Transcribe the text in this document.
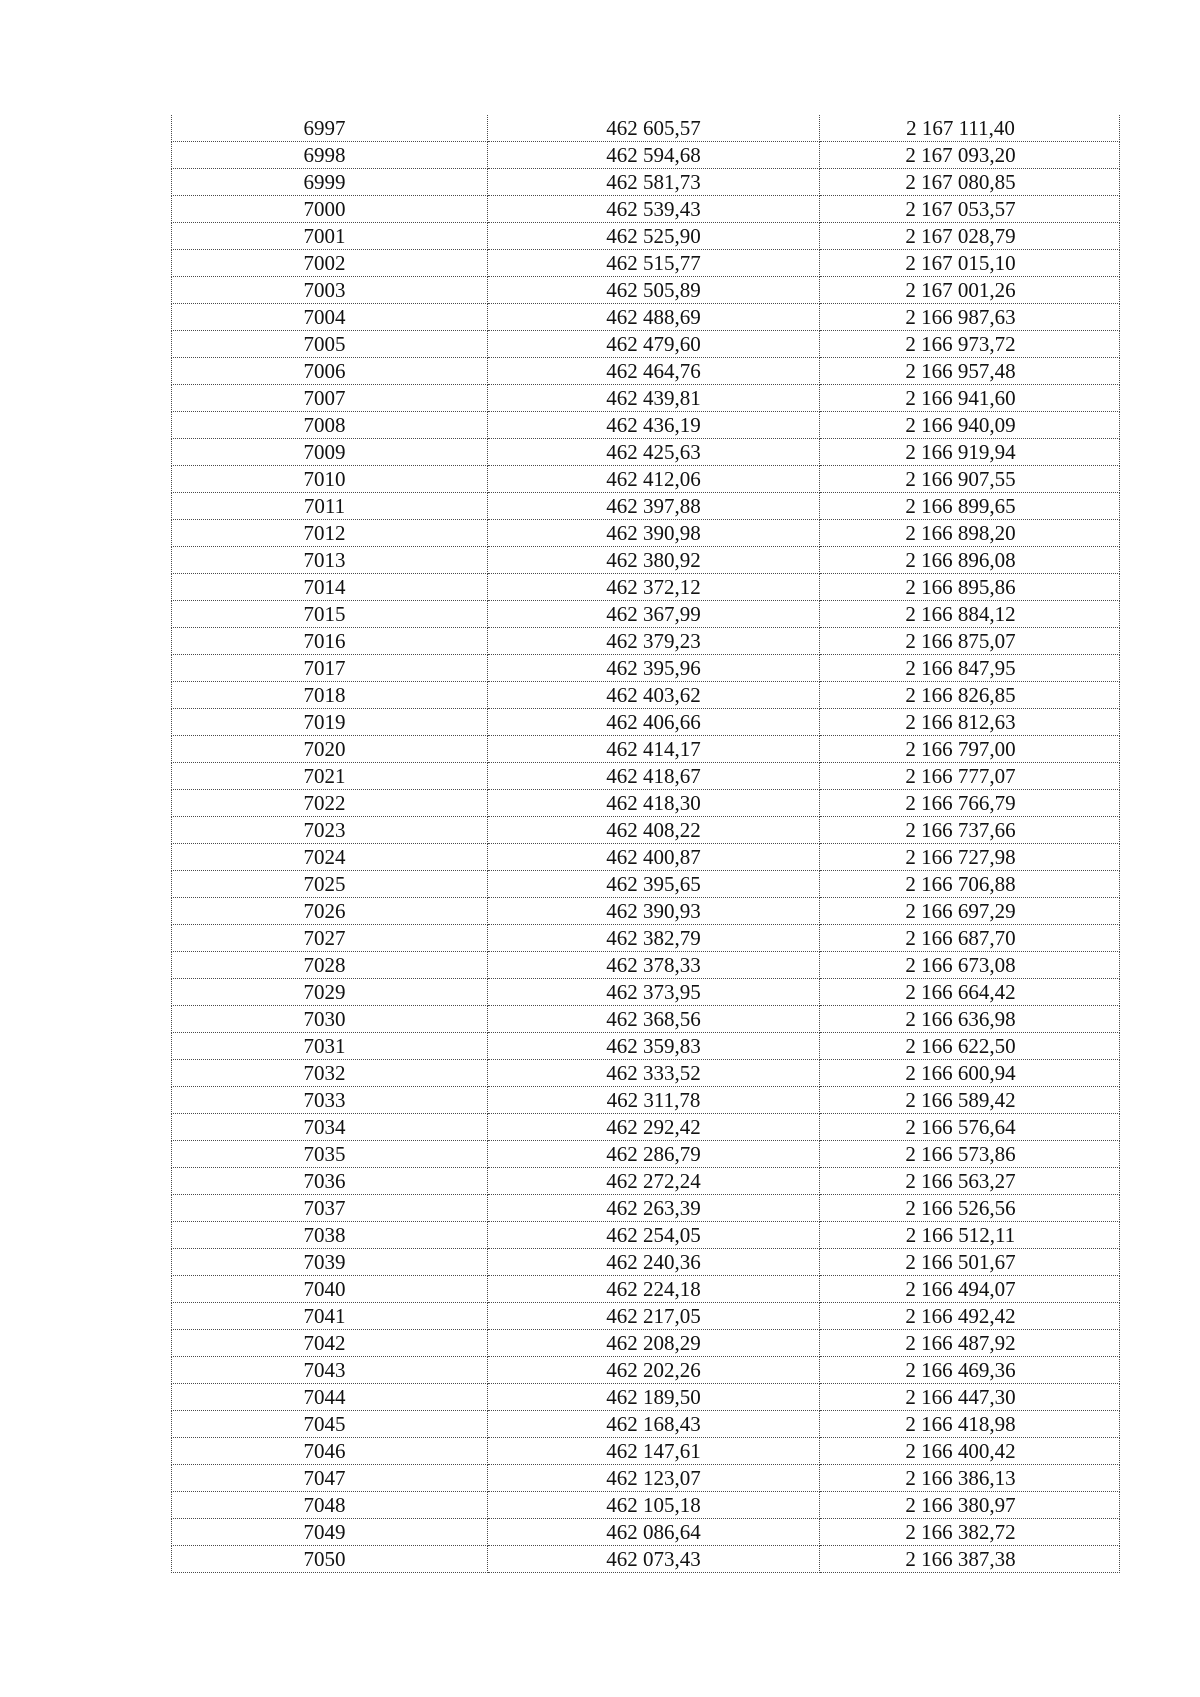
6997	462 605,57	2 167 111,40
6998	462 594,68	2 167 093,20
6999	462 581,73	2 167 080,85
7000	462 539,43	2 167 053,57
7001	462 525,90	2 167 028,79
7002	462 515,77	2 167 015,10
7003	462 505,89	2 167 001,26
7004	462 488,69	2 166 987,63
7005	462 479,60	2 166 973,72
7006	462 464,76	2 166 957,48
7007	462 439,81	2 166 941,60
7008	462 436,19	2 166 940,09
7009	462 425,63	2 166 919,94
7010	462 412,06	2 166 907,55
7011	462 397,88	2 166 899,65
7012	462 390,98	2 166 898,20
7013	462 380,92	2 166 896,08
7014	462 372,12	2 166 895,86
7015	462 367,99	2 166 884,12
7016	462 379,23	2 166 875,07
7017	462 395,96	2 166 847,95
7018	462 403,62	2 166 826,85
7019	462 406,66	2 166 812,63
7020	462 414,17	2 166 797,00
7021	462 418,67	2 166 777,07
7022	462 418,30	2 166 766,79
7023	462 408,22	2 166 737,66
7024	462 400,87	2 166 727,98
7025	462 395,65	2 166 706,88
7026	462 390,93	2 166 697,29
7027	462 382,79	2 166 687,70
7028	462 378,33	2 166 673,08
7029	462 373,95	2 166 664,42
7030	462 368,56	2 166 636,98
7031	462 359,83	2 166 622,50
7032	462 333,52	2 166 600,94
7033	462 311,78	2 166 589,42
7034	462 292,42	2 166 576,64
7035	462 286,79	2 166 573,86
7036	462 272,24	2 166 563,27
7037	462 263,39	2 166 526,56
7038	462 254,05	2 166 512,11
7039	462 240,36	2 166 501,67
7040	462 224,18	2 166 494,07
7041	462 217,05	2 166 492,42
7042	462 208,29	2 166 487,92
7043	462 202,26	2 166 469,36
7044	462 189,50	2 166 447,30
7045	462 168,43	2 166 418,98
7046	462 147,61	2 166 400,42
7047	462 123,07	2 166 386,13
7048	462 105,18	2 166 380,97
7049	462 086,64	2 166 382,72
7050	462 073,43	2 166 387,38
